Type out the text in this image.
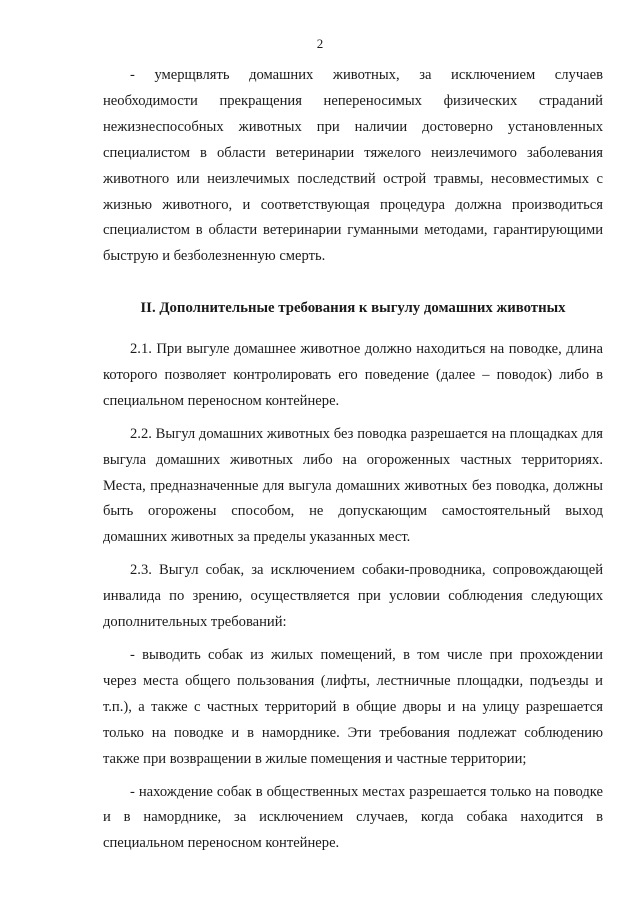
2

- умерщвлять домашних животных, за исключением случаев необходимости прекращения непереносимых физических страданий нежизнеспособных животных при наличии достоверно установленных специалистом в области ветеринарии тяжелого неизлечимого заболевания животного или неизлечимых последствий острой травмы, несовместимых с жизнью животного, и соответствующая процедура должна производиться специалистом в области ветеринарии гуманными методами, гарантирующими быструю и безболезненную смерть.

II. Дополнительные требования к выгулу домашних животных

2.1. При выгуле домашнее животное должно находиться на поводке, длина которого позволяет контролировать его поведение (далее – поводок) либо в специальном переносном контейнере.

2.2. Выгул домашних животных без поводка разрешается на площадках для выгула домашних животных либо на огороженных частных территориях. Места, предназначенные для выгула домашних животных без поводка, должны быть огорожены способом, не допускающим самостоятельный выход домашних животных за пределы указанных мест.

2.3. Выгул собак, за исключением собаки-проводника, сопровождающей инвалида по зрению, осуществляется при условии соблюдения следующих дополнительных требований:

- выводить собак из жилых помещений, в том числе при прохождении через места общего пользования (лифты, лестничные площадки, подъезды и т.п.), а также с частных территорий в общие дворы и на улицу разрешается только на поводке и в наморднике. Эти требования подлежат соблюдению также при возвращении в жилые помещения и частные территории;

- нахождение собак в общественных местах разрешается только на поводке и в наморднике, за исключением случаев, когда собака находится в специальном переносном контейнере.
